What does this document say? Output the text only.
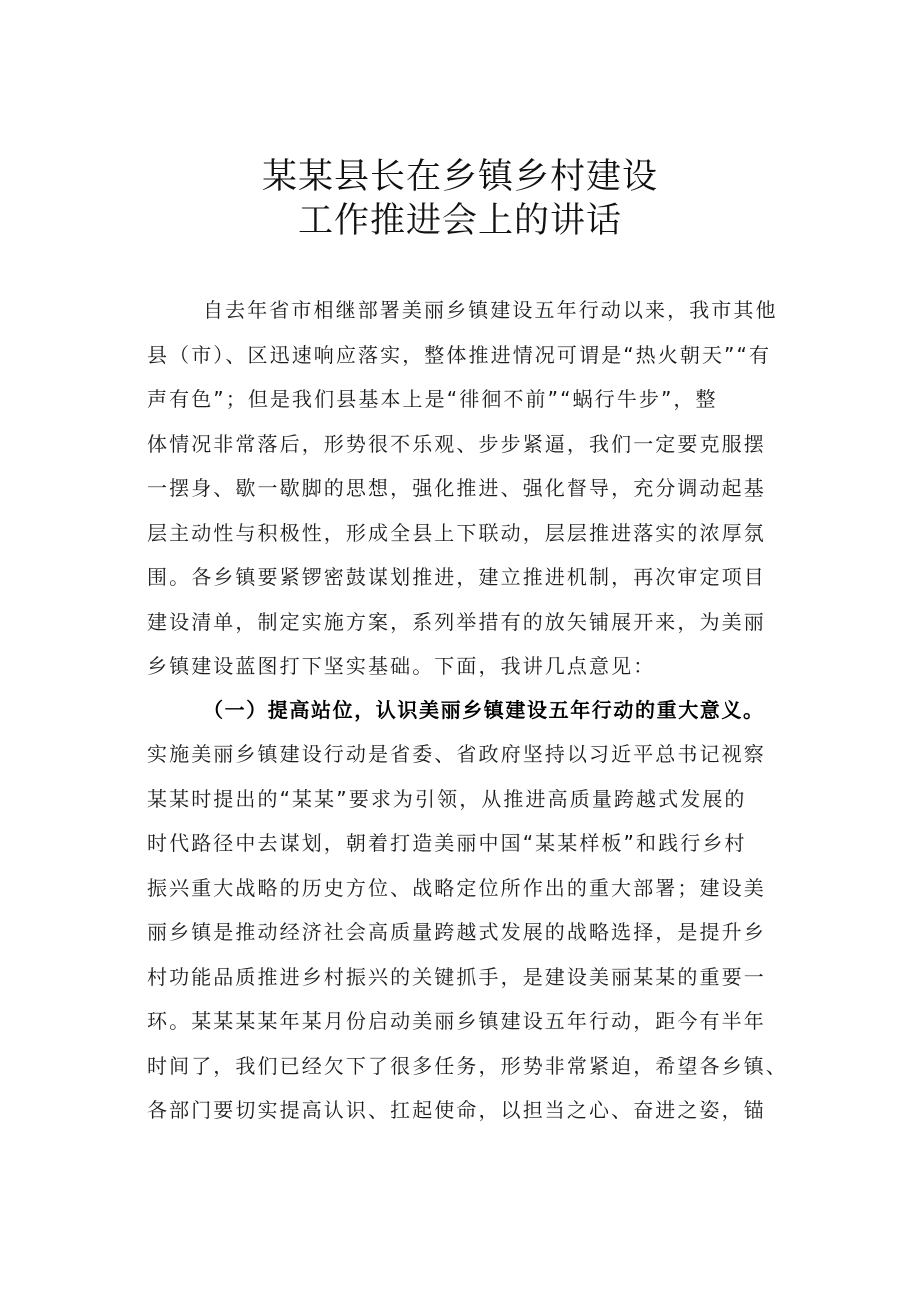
某某县长在乡镇乡村建设
工作推进会上的讲话
自去年省市相继部署美丽乡镇建设五年行动以来，我市其他
县（市）、区迅速响应落实，整体推进情况可谓是“热火朝天”“有
声有色”；但是我们县基本上是“徘徊不前”“蜗行牛步”，整
体情况非常落后，形势很不乐观、步步紧逼，我们一定要克服摆
一摆身、歇一歇脚的思想，强化推进、强化督导，充分调动起基
层主动性与积极性，形成全县上下联动，层层推进落实的浓厚氛
围。各乡镇要紧锣密鼓谋划推进，建立推进机制，再次审定项目
建设清单，制定实施方案，系列举措有的放矢铺展开来，为美丽
乡镇建设蓝图打下坚实基础。下面，我讲几点意见：
（一）提高站位，认识美丽乡镇建设五年行动的重大意义。
实施美丽乡镇建设行动是省委、省政府坚持以习近平总书记视察
某某时提出的“某某”要求为引领，从推进高质量跨越式发展的
时代路径中去谋划，朝着打造美丽中国“某某样板”和践行乡村
振兴重大战略的历史方位、战略定位所作出的重大部署；建设美
丽乡镇是推动经济社会高质量跨越式发展的战略选择，是提升乡
村功能品质推进乡村振兴的关键抓手，是建设美丽某某的重要一
环。某某某某年某月份启动美丽乡镇建设五年行动，距今有半年
时间了，我们已经欠下了很多任务，形势非常紧迫，希望各乡镇、
各部门要切实提高认识、扛起使命，以担当之心、奋进之姿，锚
